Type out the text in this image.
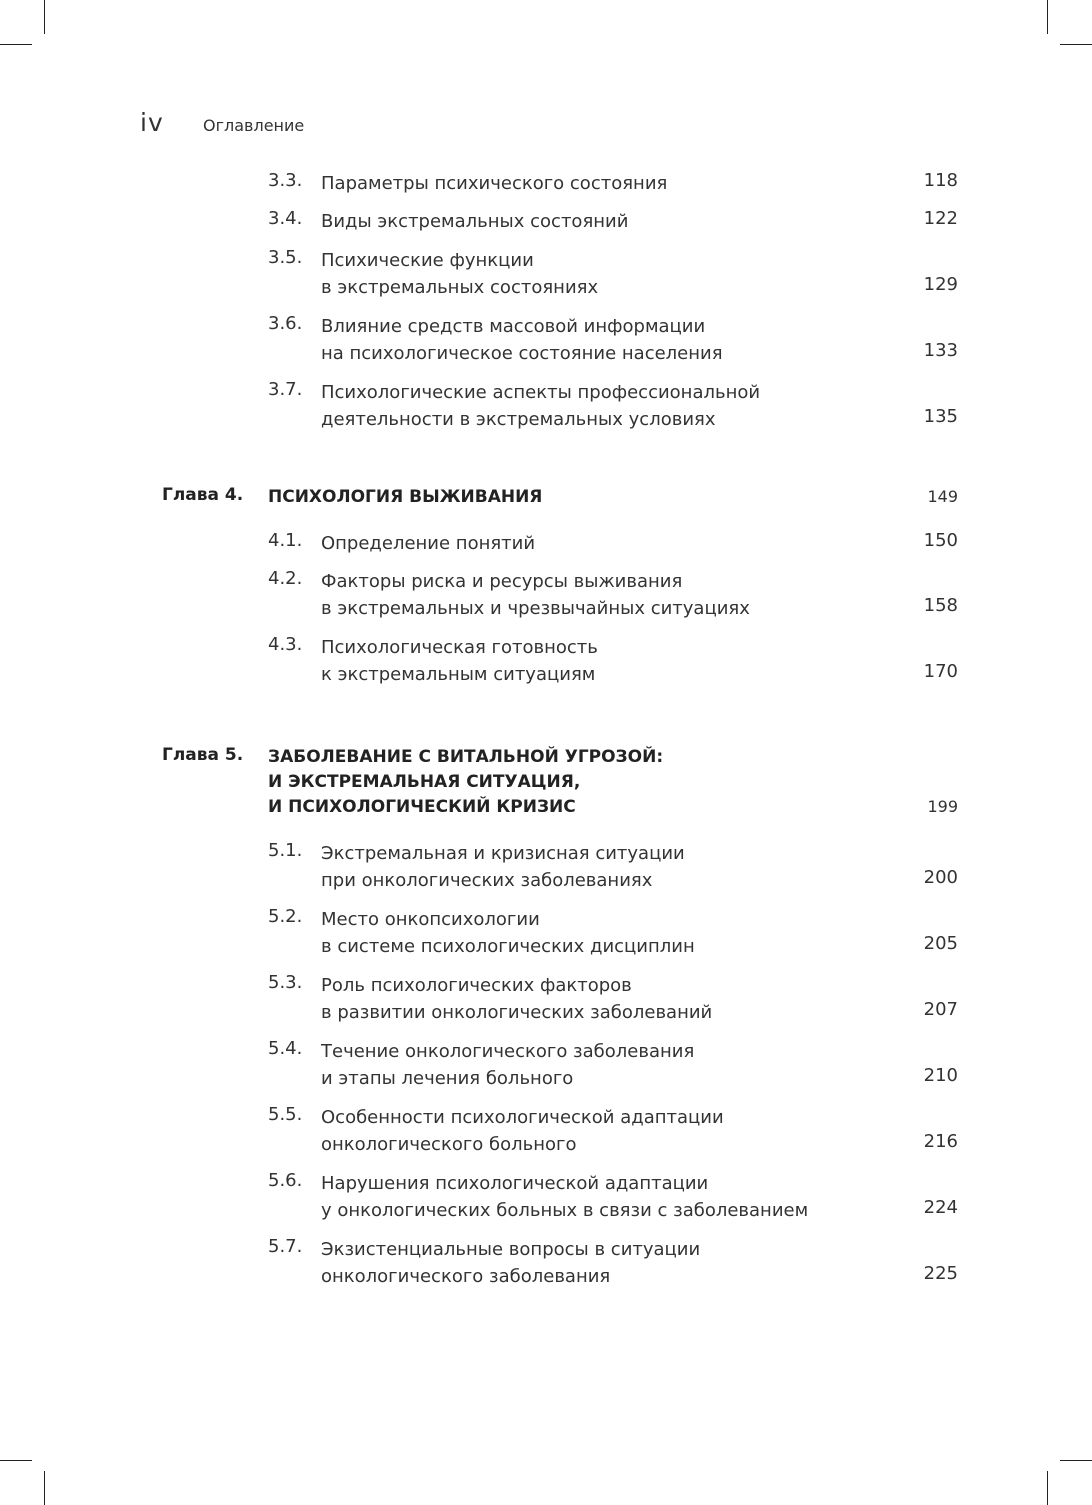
iv Оглавление
3.3. Параметры психического состояния	118
3.4. Виды экстремальных состояний	122
3.5. Психические функции
в экстремальных состояниях	129
3.6. Влияние средств массовой информации
на психологическое состояние населения	133
3.7. Психологические аспекты профессиональной
деятельности в экстремальных условиях	135
Глава 4. ПСИХОЛОГИЯ ВЫЖИВАНИЯ	149
4.1. Определение понятий	150
4.2. Факторы риска и ресурсы выживания
в экстремальных и чрезвычайных ситуациях	158
4.3. Психологическая готовность
к экстремальным ситуациям	170
Глава 5. ЗАБОЛЕВАНИЕ С ВИТАЛЬНОЙ УГРОЗОЙ:
И ЭКСТРЕМАЛЬНАЯ СИТУАЦИЯ,
И ПСИХОЛОГИЧЕСКИЙ КРИЗИС	199
5.1. Экстремальная и кризисная ситуации
при онкологических заболеваниях	200
5.2. Место онкопсихологии
в системе психологических дисциплин	205
5.3. Роль психологических факторов
в развитии онкологических заболеваний	207
5.4. Течение онкологического заболевания
и этапы лечения больного	210
5.5. Особенности психологической адаптации
онкологического больного	216
5.6. Нарушения психологической адаптации
у онкологических больных в связи с заболеванием	224
5.7. Экзистенциальные вопросы в ситуации
онкологического заболевания	225
